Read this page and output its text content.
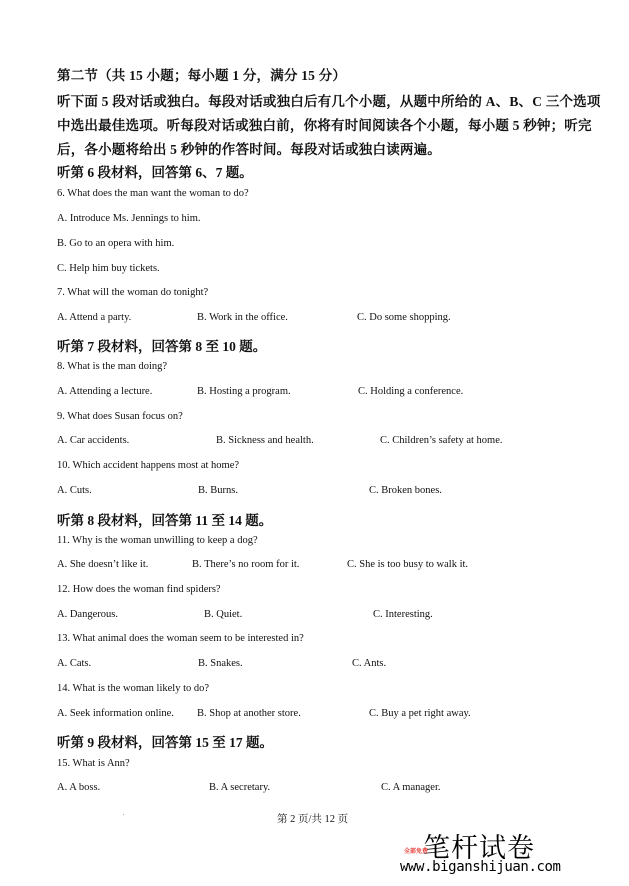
第二节（共 15 小题；每小题 1 分，满分 15 分）
听下面 5 段对话或独白。每段对话或独白后有几个小题，从题中所给的 A、B、C 三个选项
中选出最佳选项。听每段对话或独白前，你将有时间阅读各个小题，每小题 5 秒钟；听完
后，各小题将给出 5 秒钟的作答时间。每段对话或独白读两遍。
听第 6 段材料，回答第 6、7 题。
6. What does the man want the woman to do?
A. Introduce Ms. Jennings to him.
B. Go to an opera with him.
C. Help him buy tickets.
7. What will the woman do tonight?
A. Attend a party.	B. Work in the office.	C. Do some shopping.
听第 7 段材料，回答第 8 至 10 题。
8. What is the man doing?
A. Attending a lecture.	B. Hosting a program.	C. Holding a conference.
9. What does Susan focus on?
A. Car accidents.	B. Sickness and health.	C. Children’s safety at home.
10. Which accident happens most at home?
A. Cuts.	B. Burns.	C. Broken bones.
听第 8 段材料，回答第 11 至 14 题。
11. Why is the woman unwilling to keep a dog?
A. She doesn’t like it.	B. There’s no room for it.	C. She is too busy to walk it.
12. How does the woman find spiders?
A. Dangerous.	B. Quiet.	C. Interesting.
13. What animal does the woman seem to be interested in?
A. Cats.	B. Snakes.	C. Ants.
14. What is the woman likely to do?
A. Seek information online. B. Shop at another store.	C. Buy a pet right away.
听第 9 段材料，回答第 15 至 17 题。
15. What is Ann?
A. A boss.	B. A secretary.	C. A manager.
第 2 页/共 12 页
笔杆试卷
全部免费
www.biganshijuan.com
